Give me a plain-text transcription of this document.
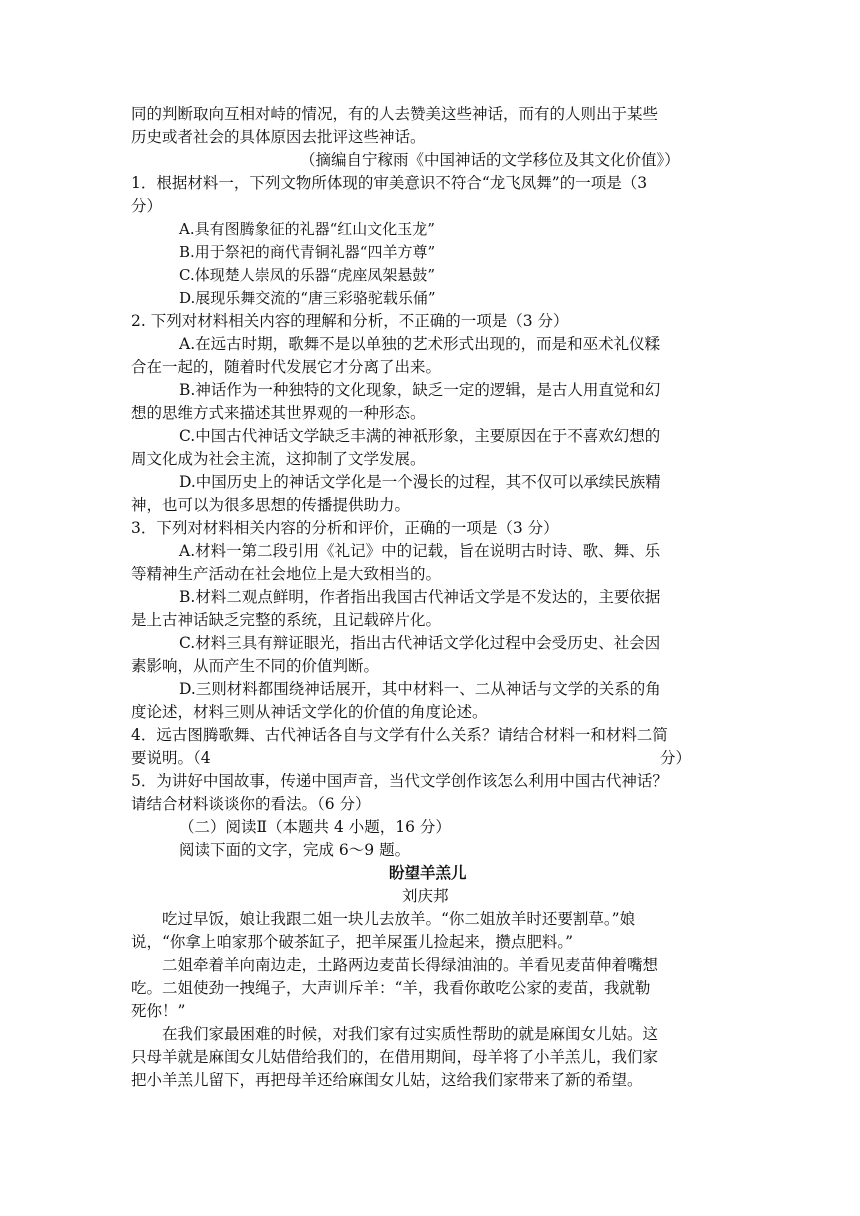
同的判断取向互相对峙的情况，有的人去赞美这些神话，而有的人则出于某些
历史或者社会的具体原因去批评这些神话。
（摘编自宁稼雨《中国神话的文学移位及其文化价值》）
1．根据材料一，下列文物所体现的审美意识不符合“龙飞凤舞”的一项是（3
分）
A.具有图腾象征的礼器“红山文化玉龙”
B.用于祭祀的商代青铜礼器“四羊方尊”
C.体现楚人崇凤的乐器“虎座凤架悬鼓”
D.展现乐舞交流的“唐三彩骆驼载乐俑”
2. 下列对材料相关内容的理解和分析，不正确的一项是（3 分）
A.在远古时期，歌舞不是以单独的艺术形式出现的，而是和巫术礼仪糅
合在一起的，随着时代发展它才分离了出来。
B.神话作为一种独特的文化现象，缺乏一定的逻辑，是古人用直觉和幻
想的思维方式来描述其世界观的一种形态。
C.中国古代神话文学缺乏丰满的神祇形象，主要原因在于不喜欢幻想的
周文化成为社会主流，这抑制了文学发展。
D.中国历史上的神话文学化是一个漫长的过程，其不仅可以承续民族精
神，也可以为很多思想的传播提供助力。
3．下列对材料相关内容的分析和评价，正确的一项是（3 分）
A.材料一第二段引用《礼记》中的记载，旨在说明古时诗、歌、舞、乐
等精神生产活动在社会地位上是大致相当的。
B.材料二观点鲜明，作者指出我国古代神话文学是不发达的，主要依据
是上古神话缺乏完整的系统，且记载碎片化。
C.材料三具有辩证眼光，指出古代神话文学化过程中会受历史、社会因
素影响，从而产生不同的价值判断。
D.三则材料都围绕神话展开，其中材料一、二从神话与文学的关系的角
度论述，材料三则从神话文学化的价值的角度论述。
4．远古图腾歌舞、古代神话各自与文学有什么关系？请结合材料一和材料二简
要说明。（4	分）
5．为讲好中国故事，传递中国声音，当代文学创作该怎么利用中国古代神话？
请结合材料谈谈你的看法。（6 分）
（二）阅读Ⅱ（本题共 4 小题，16 分）
阅读下面的文字，完成 6～9 题。
盼望羊羔儿
刘庆邦
吃过早饭，娘让我跟二姐一块儿去放羊。“你二姐放羊时还要割草。”娘
说，“你拿上咱家那个破茶缸子，把羊屎蛋儿捡起来，攒点肥料。”
二姐牵着羊向南边走，土路两边麦苗长得绿油油的。羊看见麦苗伸着嘴想
吃。二姐使劲一拽绳子，大声训斥羊：“羊，我看你敢吃公家的麦苗，我就勒
死你！”
在我们家最困难的时候，对我们家有过实质性帮助的就是麻闺女儿姑。这
只母羊就是麻闺女儿姑借给我们的，在借用期间，母羊将了小羊羔儿，我们家
把小羊羔儿留下，再把母羊还给麻闺女儿姑，这给我们家带来了新的希望。
